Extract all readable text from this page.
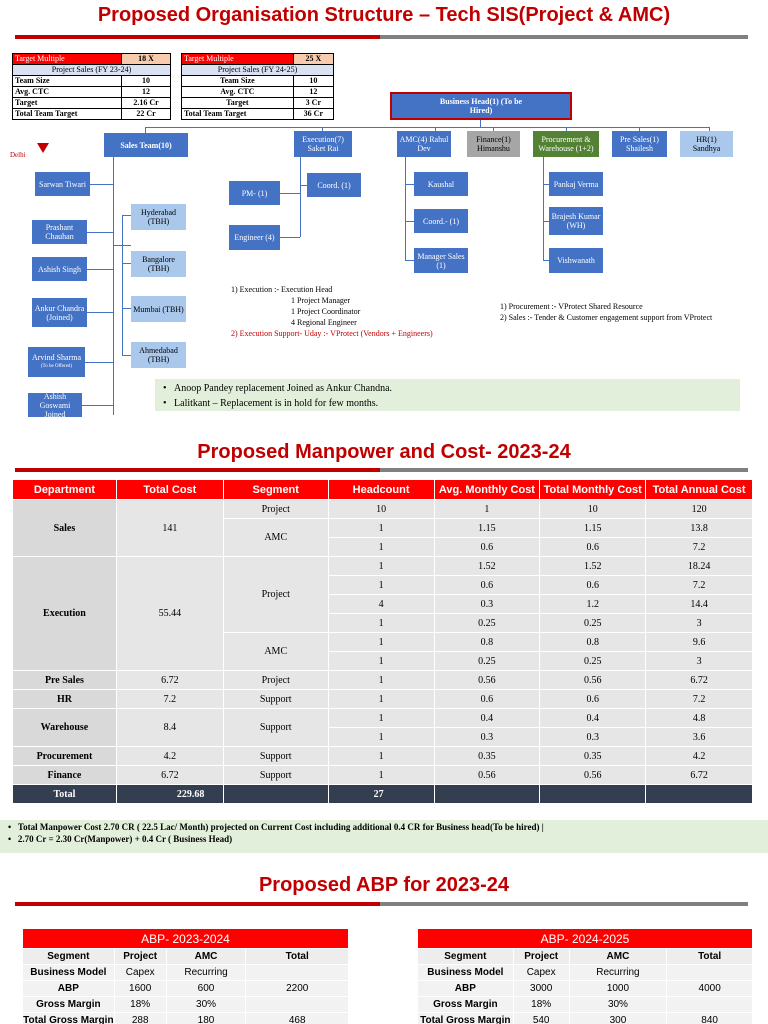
Proposed Organisation Structure – Tech SIS(Project & AMC)
Target Multiple	18 X
Project Sales (FY 23-24)	
Team Size	10
Avg. CTC	12
Target	2.16 Cr
Total Team Target	22 Cr
Target Multiple	25 X
Project Sales (FY 24-25)	
Team Size	10
Avg. CTC	12
Target	3 Cr
Total Team Target	36 Cr
Business Head(1) (To be Hired)
Delhi
Sales Team(10)
Sarwan Tiwari
Prashant Chauhan
Ashish Singh
Ankur Chandra (Joined)
Arvind Sharma
(To be Offered)
Ashish Goswami Joined
Hyderabad (TBH)
Bangalore (TBH)
Mumbai (TBH)
Ahmedabad (TBH)
Execution(7) Saket Rai
Coord. (1)
PM- (1)
Engineer (4)
AMC(4) Rahul Dev
Kaushal
Coord.- (1)
Manager Sales (1)
Finance(1) Himanshu
Procurement & Warehouse (1+2)
Pankaj Verma
Brajesh Kumar (WH)
Vishwanath
Pre Sales(1) Shailesh
HR(1) Sandhya
1) Execution :- Execution Head
1 Project Manager
1 Project Coordinator
4 Regional Engineer
2) Execution Support- Uday :- VProtect (Vendors + Engineers)
1) Procurement :- VProtect Shared Resource
2) Sales :- Tender & Customer engagement support from VProtect
•   Anoop Pandey replacement Joined as Ankur Chandna.
•   Lalitkant – Replacement is in hold for few months.
Proposed Manpower and Cost- 2023-24
Department	Total Cost	Segment	Headcount	Avg. Monthly Cost	Total Monthly Cost	Total Annual Cost
Sales	141	Project	10	1	10	120
		AMC	1	1.15	1.15	13.8
			1	0.6	0.6	7.2
Execution	55.44	Project	1	1.52	1.52	18.24
			1	0.6	0.6	7.2
			4	0.3	1.2	14.4
			1	0.25	0.25	3
		AMC	1	0.8	0.8	9.6
			1	0.25	0.25	3
Pre Sales	6.72	Project	1	0.56	0.56	6.72
HR	7.2	Support	1	0.6	0.6	7.2
Warehouse	8.4	Support	1	0.4	0.4	4.8
			1	0.3	0.3	3.6
Procurement	4.2	Support	1	0.35	0.35	4.2
Finance	6.72	Support	1	0.56	0.56	6.72
Total	229.68		27			
•   Total Manpower Cost 2.70 CR ( 22.5 Lac/ Month) projected on Current Cost including additional 0.4 CR for Business head(To be hired) |
•   2.70 Cr = 2.30 Cr(Manpower) + 0.4 Cr ( Business Head)
Proposed ABP for 2023-24
ABP- 2023-2024			
Segment	Project	AMC	Total
Business Model	Capex	Recurring	
ABP	1600	600	2200
Gross Margin	18%	30%	
Total Gross Margin	288	180	468
ABP- 2024-2025			
Segment	Project	AMC	Total
Business Model	Capex	Recurring	
ABP	3000	1000	4000
Gross Margin	18%	30%	
Total Gross Margin	540	300	840
